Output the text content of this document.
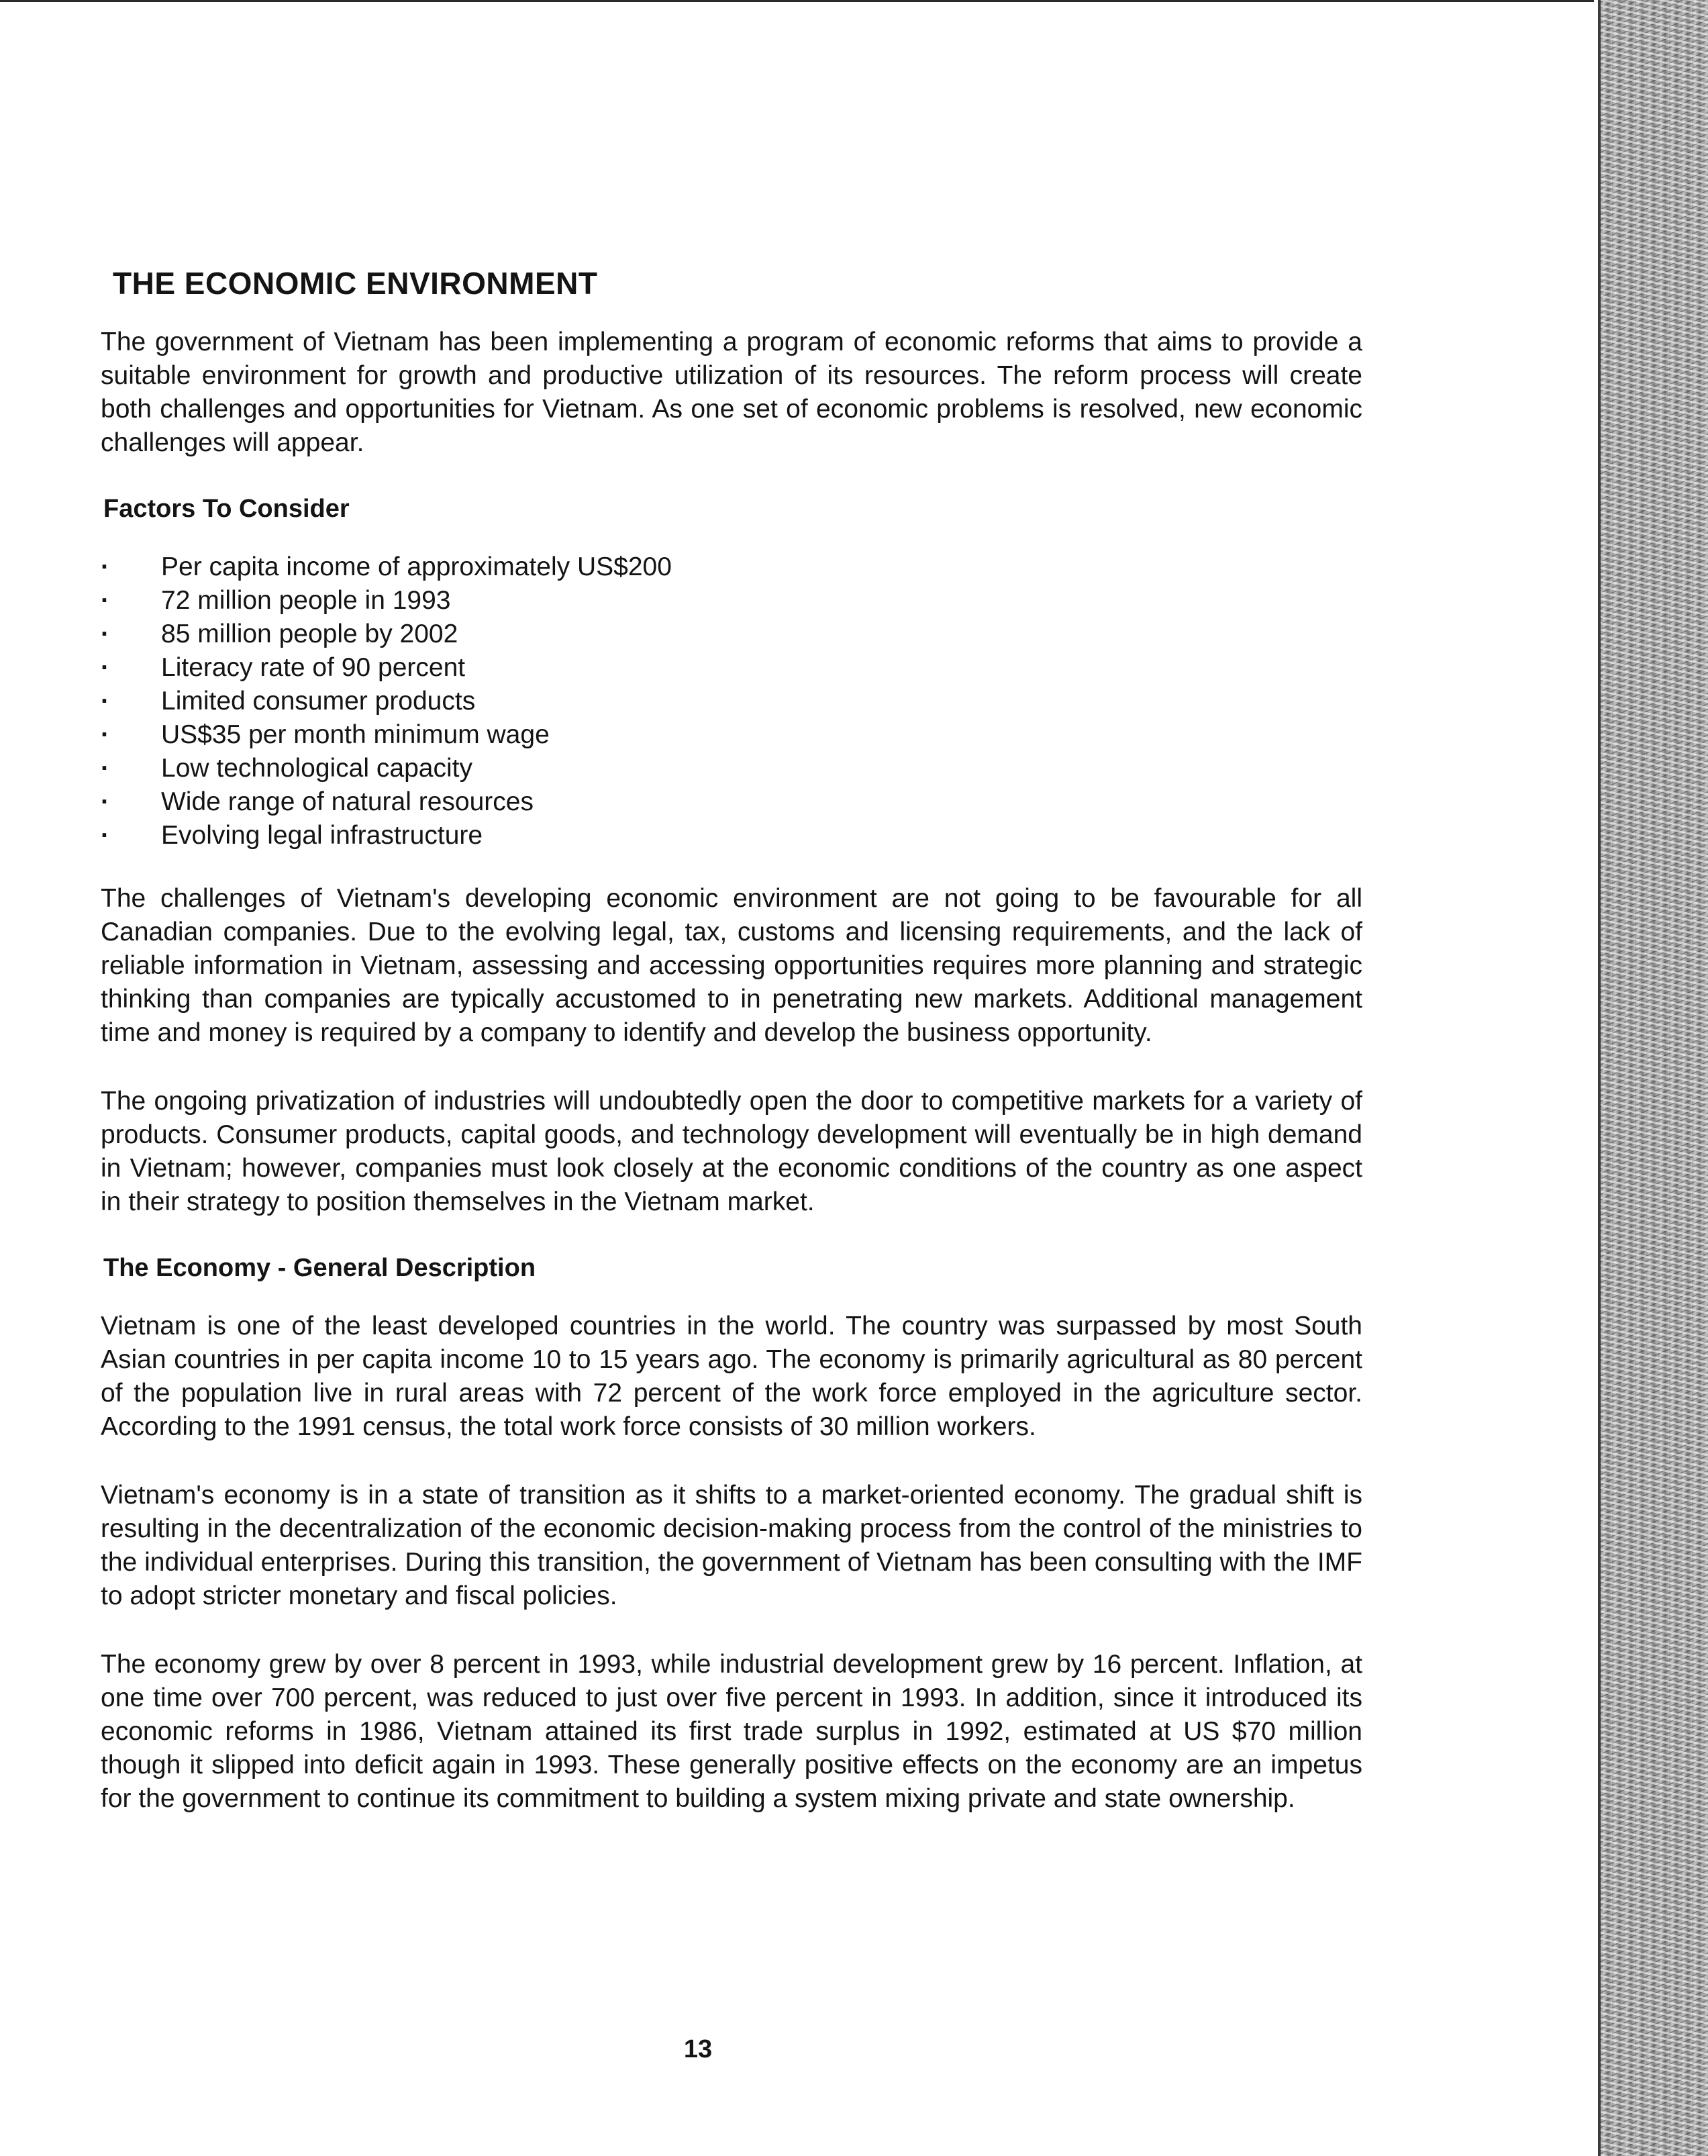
THE ECONOMIC ENVIRONMENT

The government of Vietnam has been implementing a program of economic reforms that aims to provide a suitable environment for growth and productive utilization of its resources. The reform process will create both challenges and opportunities for Vietnam. As one set of economic problems is resolved, new economic challenges will appear.

Factors To Consider
· Per capita income of approximately US$200
· 72 million people in 1993
· 85 million people by 2002
· Literacy rate of 90 percent
· Limited consumer products
· US$35 per month minimum wage
· Low technological capacity
· Wide range of natural resources
· Evolving legal infrastructure

The challenges of Vietnam's developing economic environment are not going to be favourable for all Canadian companies. Due to the evolving legal, tax, customs and licensing requirements, and the lack of reliable information in Vietnam, assessing and accessing opportunities requires more planning and strategic thinking than companies are typically accustomed to in penetrating new markets. Additional management time and money is required by a company to identify and develop the business opportunity.

The ongoing privatization of industries will undoubtedly open the door to competitive markets for a variety of products. Consumer products, capital goods, and technology development will eventually be in high demand in Vietnam; however, companies must look closely at the economic conditions of the country as one aspect in their strategy to position themselves in the Vietnam market.

The Economy - General Description

Vietnam is one of the least developed countries in the world. The country was surpassed by most South Asian countries in per capita income 10 to 15 years ago. The economy is primarily agricultural as 80 percent of the population live in rural areas with 72 percent of the work force employed in the agriculture sector. According to the 1991 census, the total work force consists of 30 million workers.

Vietnam's economy is in a state of transition as it shifts to a market-oriented economy. The gradual shift is resulting in the decentralization of the economic decision-making process from the control of the ministries to the individual enterprises. During this transition, the government of Vietnam has been consulting with the IMF to adopt stricter monetary and fiscal policies.

The economy grew by over 8 percent in 1993, while industrial development grew by 16 percent. Inflation, at one time over 700 percent, was reduced to just over five percent in 1993. In addition, since it introduced its economic reforms in 1986, Vietnam attained its first trade surplus in 1992, estimated at US $70 million though it slipped into deficit again in 1993. These generally positive effects on the economy are an impetus for the government to continue its commitment to building a system mixing private and state ownership.

13
